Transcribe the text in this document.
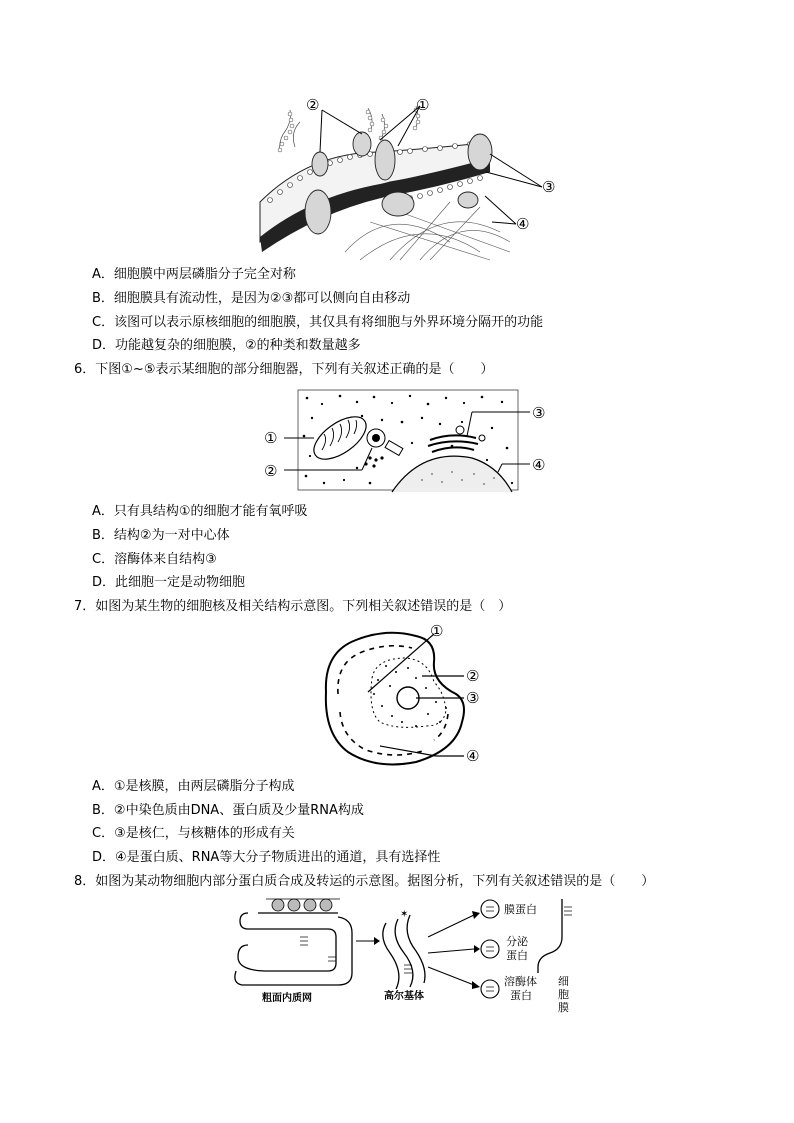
②	①
③
④
A．细胞膜中两层磷脂分子完全对称
B．细胞膜具有流动性，是因为②③都可以侧向自由移动
C．该图可以表示原核细胞的细胞膜，其仅具有将细胞与外界环境分隔开的功能
D．功能越复杂的细胞膜，②的种类和数量越多
6．下图①~⑤表示某细胞的部分细胞器，下列有关叙述正确的是（　　）
①
②
③
④
A．只有具结构①的细胞才能有氧呼吸
B．结构②为一对中心体
C．溶酶体来自结构③
D．此细胞一定是动物细胞
7．如图为某生物的细胞核及相关结构示意图。下列相关叙述错误的是（　）
①
②
③
④
A．①是核膜，由两层磷脂分子构成
B．②中染色质由DNA、蛋白质及少量RNA构成
C．③是核仁，与核糖体的形成有关
D．④是蛋白质、RNA等大分子物质进出的通道，具有选择性
8．如图为某动物细胞内部分蛋白质合成及转运的示意图。据图分析，下列有关叙述错误的是（　　）
✶	膜蛋白
分泌
蛋白
溶酶体
蛋白
细
胞
膜
粗面内质网	高尔基体
